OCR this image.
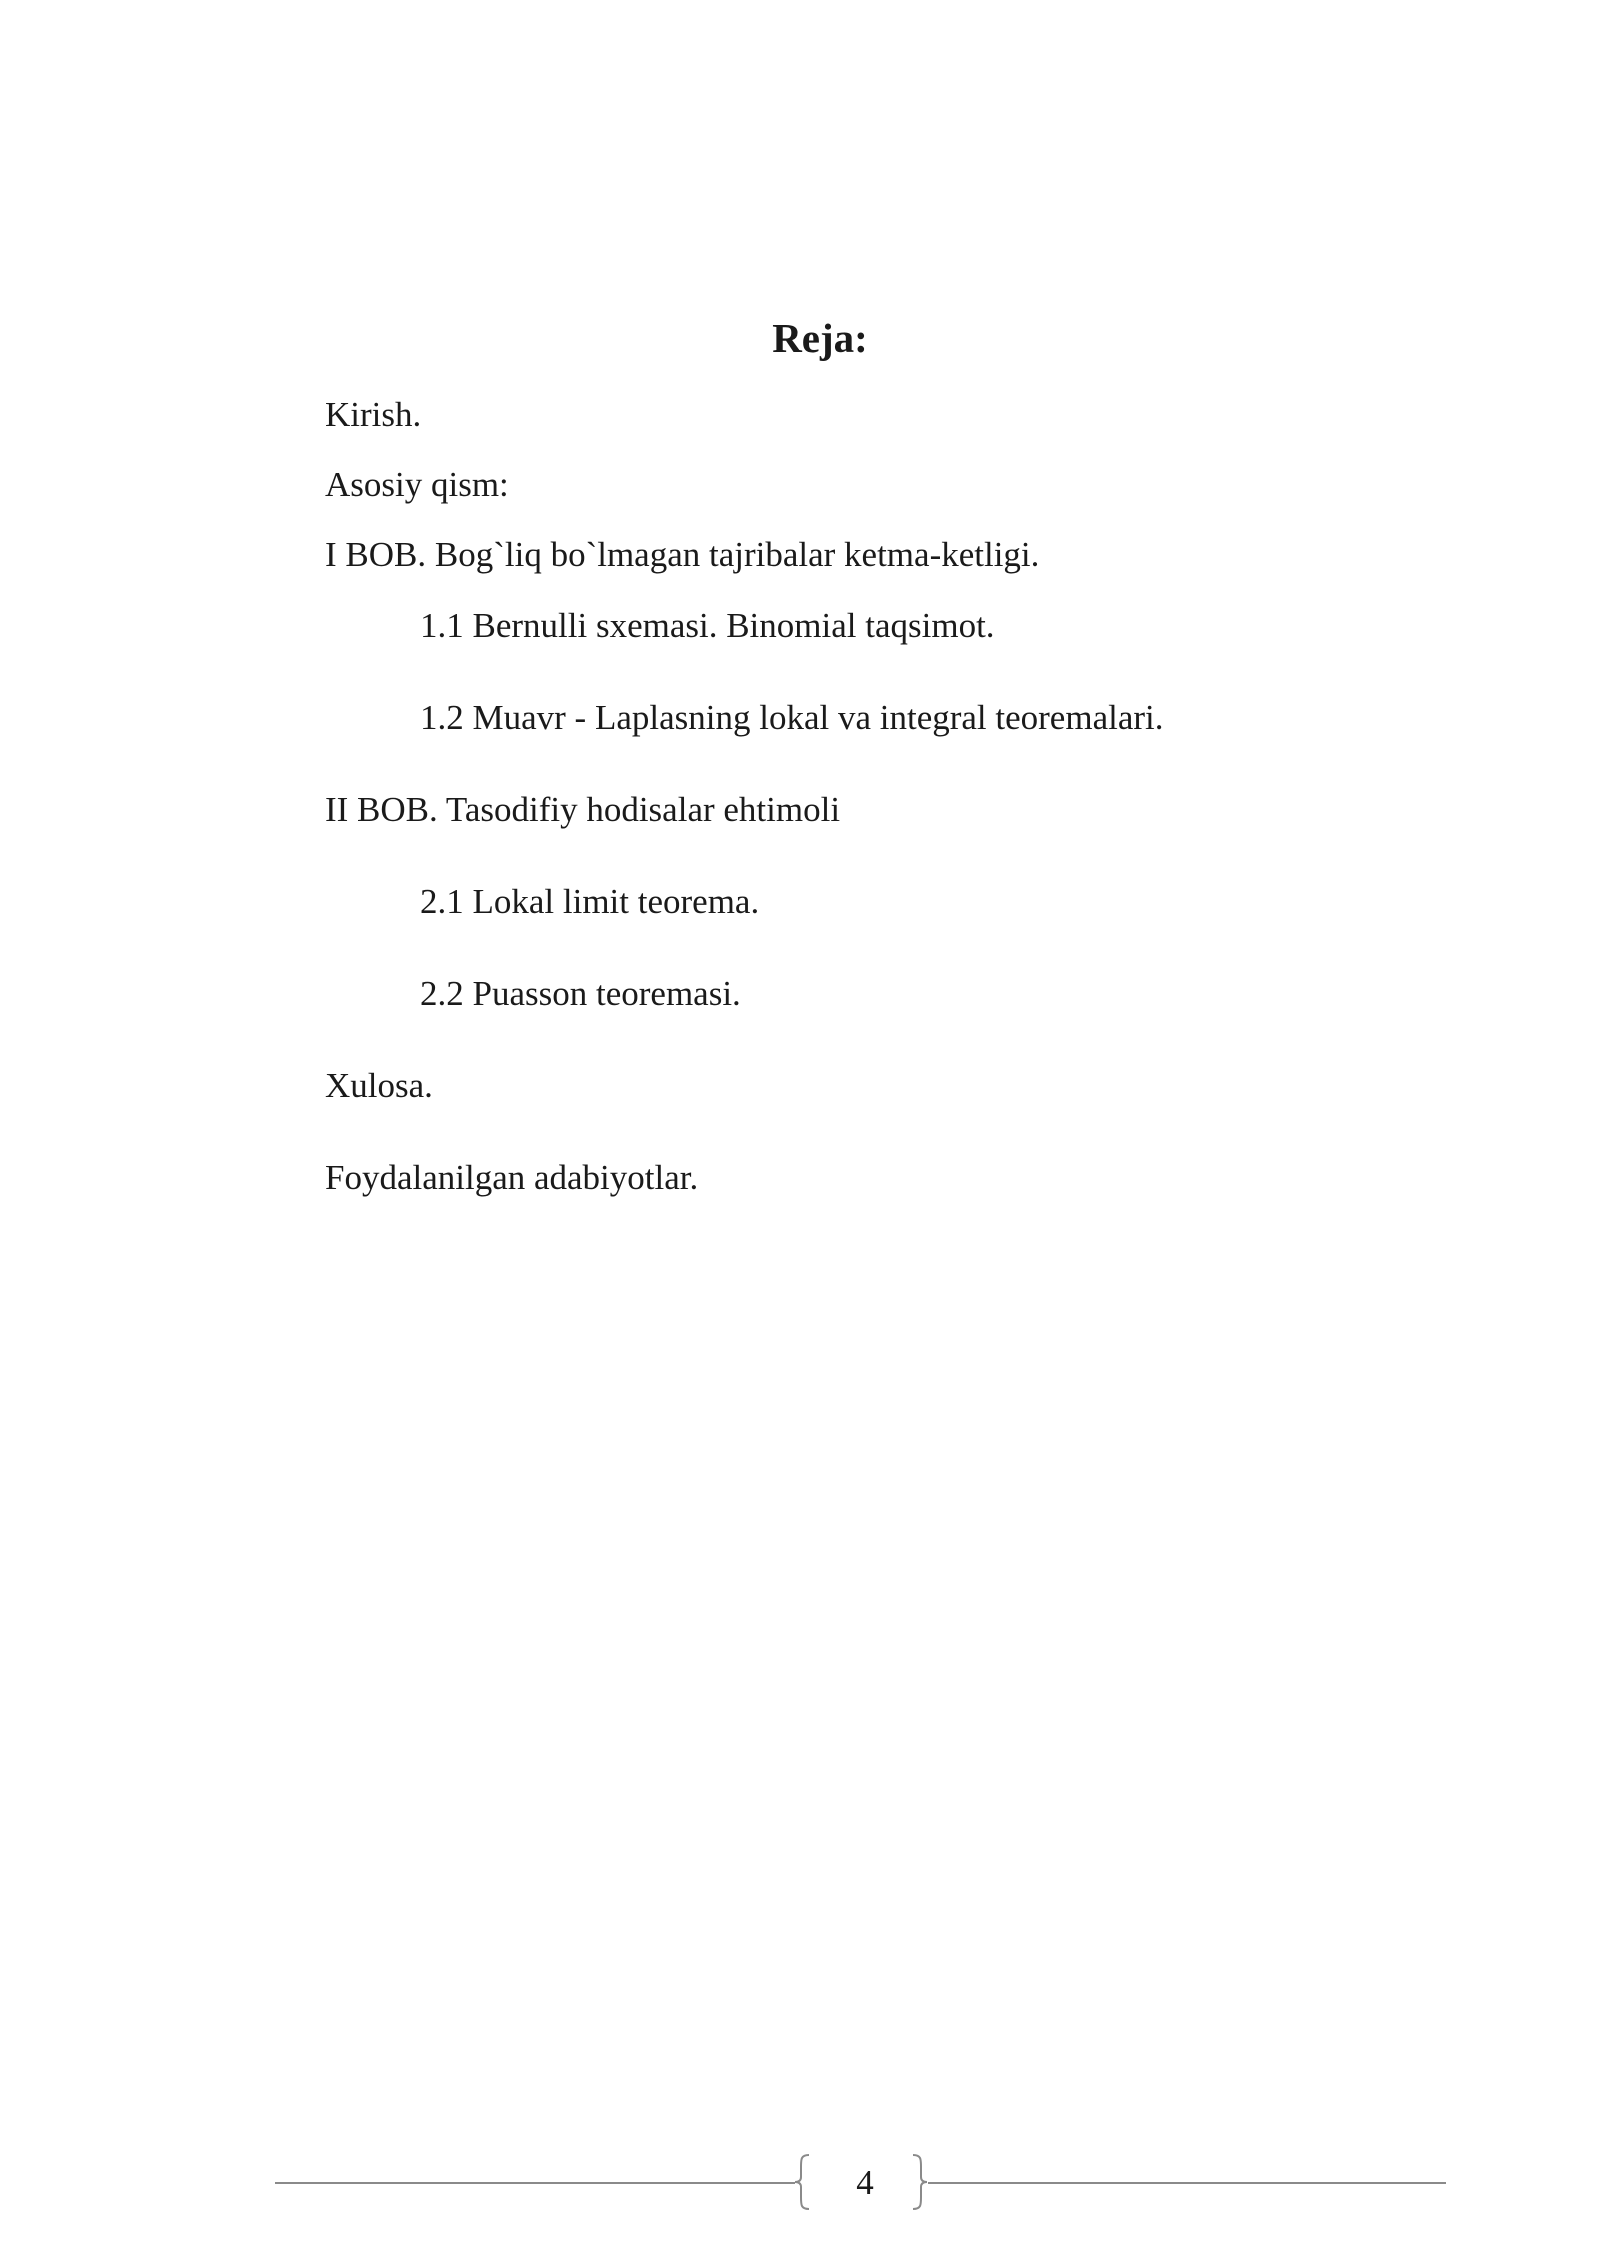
Reja:

Kirish.

Asosiy qism:

I BOB. Bog`liq bo`lmagan tajribalar ketma-ketligi.

1.1 Bernulli sxemasi. Binomial taqsimot.

1.2 Muavr - Laplasning lokal va integral teoremalari.

II BOB. Tasodifiy hodisalar ehtimoli

2.1 Lokal limit teorema.

2.2 Puasson teoremasi.

Xulosa.

Foydalanilgan adabiyotlar.

4
